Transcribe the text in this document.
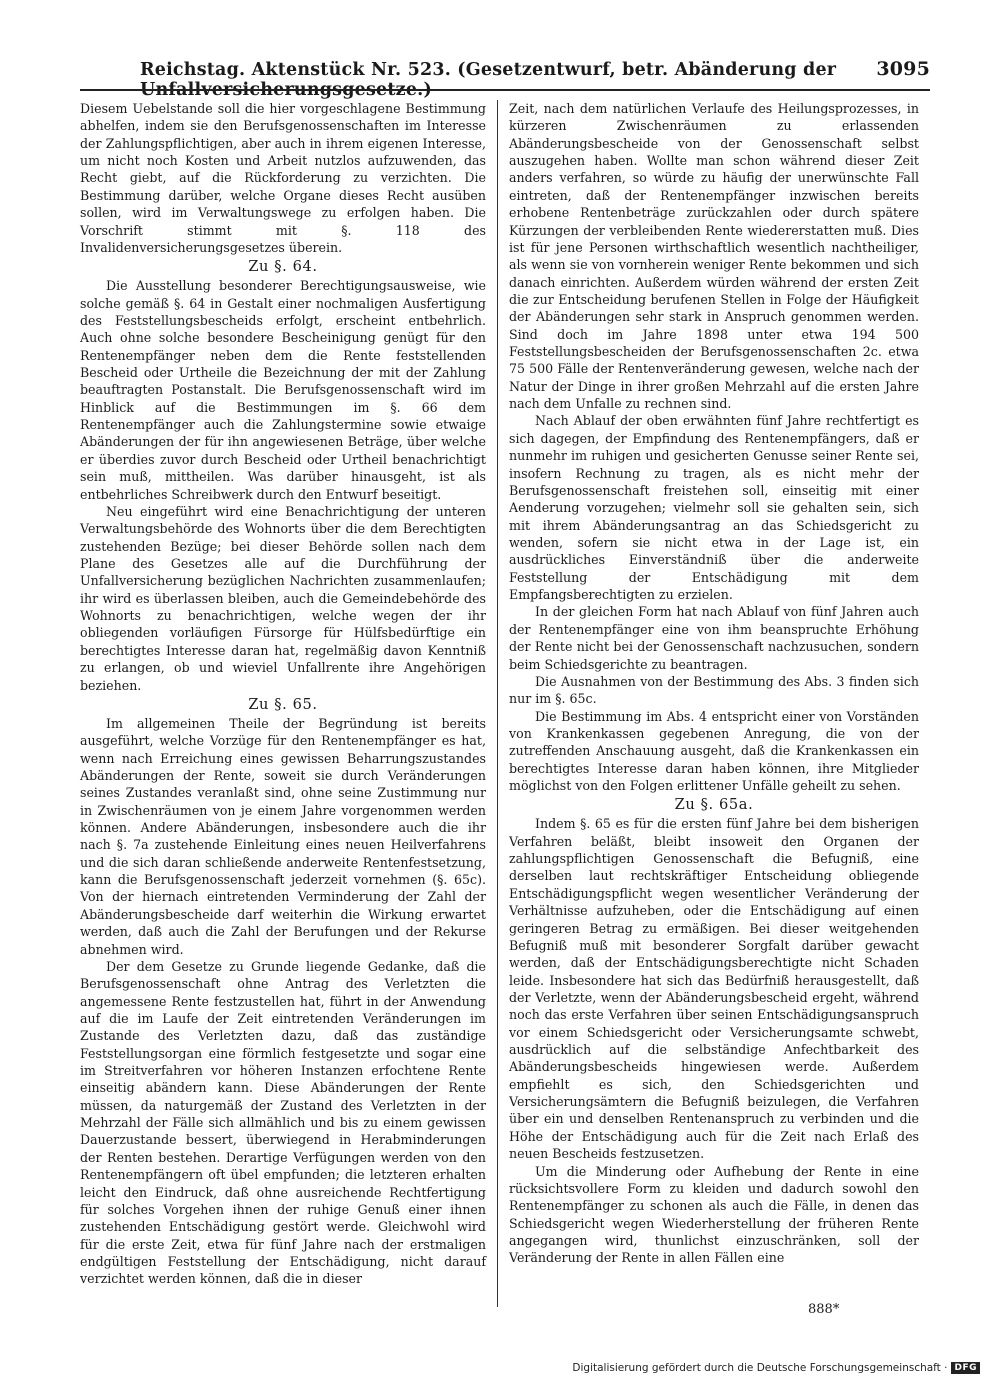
Reichstag. Aktenstück Nr. 523. (Gesetzentwurf, betr. Abänderung der Unfallversicherungsgesetze.)
3095

Diesem Uebelstande soll die hier vorgeschlagene Bestimmung abhelfen, indem sie den Berufsgenossenschaften im Interesse der Zahlungspflichtigen, aber auch in ihrem eigenen Interesse, um nicht noch Kosten und Arbeit nutzlos aufzuwenden, das Recht giebt, auf die Rückforderung zu verzichten. Die Bestimmung darüber, welche Organe dieses Recht ausüben sollen, wird im Verwaltungswege zu erfolgen haben. Die Vorschrift stimmt mit §. 118 des Invalidenversicherungsgesetzes überein.

Zu §. 64.

Die Ausstellung besonderer Berechtigungsausweise, wie solche gemäß §. 64 in Gestalt einer nochmaligen Ausfertigung des Feststellungsbescheids erfolgt, erscheint entbehrlich. Auch ohne solche besondere Bescheinigung genügt für den Rentenempfänger neben dem die Rente feststellenden Bescheid oder Urtheile die Bezeichnung der mit der Zahlung beauftragten Postanstalt. Die Berufsgenossenschaft wird im Hinblick auf die Bestimmungen im §. 66 dem Rentenempfänger auch die Zahlungstermine sowie etwaige Abänderungen der für ihn angewiesenen Beträge, über welche er überdies zuvor durch Bescheid oder Urtheil benachrichtigt sein muß, mittheilen. Was darüber hinausgeht, ist als entbehrliches Schreibwerk durch den Entwurf beseitigt.

Neu eingeführt wird eine Benachrichtigung der unteren Verwaltungsbehörde des Wohnorts über die dem Berechtigten zustehenden Bezüge; bei dieser Behörde sollen nach dem Plane des Gesetzes alle auf die Durchführung der Unfallversicherung bezüglichen Nachrichten zusammenlaufen; ihr wird es überlassen bleiben, auch die Gemeindebehörde des Wohnorts zu benachrichtigen, welche wegen der ihr obliegenden vorläufigen Fürsorge für Hülfsbedürftige ein berechtigtes Interesse daran hat, regelmäßig davon Kenntniß zu erlangen, ob und wieviel Unfallrente ihre Angehörigen beziehen.

Zu §. 65.

Im allgemeinen Theile der Begründung ist bereits ausgeführt, welche Vorzüge für den Rentenempfänger es hat, wenn nach Erreichung eines gewissen Beharrungszustandes Abänderungen der Rente, soweit sie durch Veränderungen seines Zustandes veranlaßt sind, ohne seine Zustimmung nur in Zwischenräumen von je einem Jahre vorgenommen werden können. Andere Abänderungen, insbesondere auch die ihr nach §. 7a zustehende Einleitung eines neuen Heilverfahrens und die sich daran schließende anderweite Rentenfestsetzung, kann die Berufsgenossenschaft jederzeit vornehmen (§. 65c). Von der hiernach eintretenden Verminderung der Zahl der Abänderungsbescheide darf weiterhin die Wirkung erwartet werden, daß auch die Zahl der Berufungen und der Rekurse abnehmen wird.

Der dem Gesetze zu Grunde liegende Gedanke, daß die Berufsgenossenschaft ohne Antrag des Verletzten die angemessene Rente festzustellen hat, führt in der Anwendung auf die im Laufe der Zeit eintretenden Veränderungen im Zustande des Verletzten dazu, daß das zuständige Feststellungsorgan eine förmlich festgesetzte und sogar eine im Streitverfahren vor höheren Instanzen erfochtene Rente einseitig abändern kann. Diese Abänderungen der Rente müssen, da naturgemäß der Zustand des Verletzten in der Mehrzahl der Fälle sich allmählich und bis zu einem gewissen Dauerzustande bessert, überwiegend in Herabminderungen der Renten bestehen. Derartige Verfügungen werden von den Rentenempfängern oft übel empfunden; die letzteren erhalten leicht den Eindruck, daß ohne ausreichende Rechtfertigung für solches Vorgehen ihnen der ruhige Genuß einer ihnen zustehenden Entschädigung gestört werde. Gleichwohl wird für die erste Zeit, etwa für fünf Jahre nach der erstmaligen endgültigen Feststellung der Entschädigung, nicht darauf verzichtet werden können, daß die in dieser

Zeit, nach dem natürlichen Verlaufe des Heilungsprozesses, in kürzeren Zwischenräumen zu erlassenden Abänderungsbescheide von der Genossenschaft selbst auszugehen haben. Wollte man schon während dieser Zeit anders verfahren, so würde zu häufig der unerwünschte Fall eintreten, daß der Rentenempfänger inzwischen bereits erhobene Rentenbeträge zurückzahlen oder durch spätere Kürzungen der verbleibenden Rente wiedererstatten muß. Dies ist für jene Personen wirthschaftlich wesentlich nachtheiliger, als wenn sie von vornherein weniger Rente bekommen und sich danach einrichten. Außerdem würden während der ersten Zeit die zur Entscheidung berufenen Stellen in Folge der Häufigkeit der Abänderungen sehr stark in Anspruch genommen werden. Sind doch im Jahre 1898 unter etwa 194 500 Feststellungsbescheiden der Berufsgenossenschaften 2c. etwa 75 500 Fälle der Rentenveränderung gewesen, welche nach der Natur der Dinge in ihrer großen Mehrzahl auf die ersten Jahre nach dem Unfalle zu rechnen sind.

Nach Ablauf der oben erwähnten fünf Jahre rechtfertigt es sich dagegen, der Empfindung des Rentenempfängers, daß er nunmehr im ruhigen und gesicherten Genusse seiner Rente sei, insofern Rechnung zu tragen, als es nicht mehr der Berufsgenossenschaft freistehen soll, einseitig mit einer Aenderung vorzugehen; vielmehr soll sie gehalten sein, sich mit ihrem Abänderungsantrag an das Schiedsgericht zu wenden, sofern sie nicht etwa in der Lage ist, ein ausdrückliches Einverständniß über die anderweite Feststellung der Entschädigung mit dem Empfangsberechtigten zu erzielen.

In der gleichen Form hat nach Ablauf von fünf Jahren auch der Rentenempfänger eine von ihm beanspruchte Erhöhung der Rente nicht bei der Genossenschaft nachzusuchen, sondern beim Schiedsgerichte zu beantragen.

Die Ausnahmen von der Bestimmung des Abs. 3 finden sich nur im §. 65c.

Die Bestimmung im Abs. 4 entspricht einer von Vorständen von Krankenkassen gegebenen Anregung, die von der zutreffenden Anschauung ausgeht, daß die Krankenkassen ein berechtigtes Interesse daran haben können, ihre Mitglieder möglichst von den Folgen erlittener Unfälle geheilt zu sehen.

Zu §. 65a.

Indem §. 65 es für die ersten fünf Jahre bei dem bisherigen Verfahren beläßt, bleibt insoweit den Organen der zahlungspflichtigen Genossenschaft die Befugniß, eine derselben laut rechtskräftiger Entscheidung obliegende Entschädigungspflicht wegen wesentlicher Veränderung der Verhältnisse aufzuheben, oder die Entschädigung auf einen geringeren Betrag zu ermäßigen. Bei dieser weitgehenden Befugniß muß mit besonderer Sorgfalt darüber gewacht werden, daß der Entschädigungsberechtigte nicht Schaden leide. Insbesondere hat sich das Bedürfniß herausgestellt, daß der Verletzte, wenn der Abänderungsbescheid ergeht, während noch das erste Verfahren über seinen Entschädigungsanspruch vor einem Schiedsgericht oder Versicherungsamte schwebt, ausdrücklich auf die selbständige Anfechtbarkeit des Abänderungsbescheids hingewiesen werde. Außerdem empfiehlt es sich, den Schiedsgerichten und Versicherungsämtern die Befugniß beizulegen, die Verfahren über ein und denselben Rentenanspruch zu verbinden und die Höhe der Entschädigung auch für die Zeit nach Erlaß des neuen Bescheids festzusetzen.

Um die Minderung oder Aufhebung der Rente in eine rücksichtsvollere Form zu kleiden und dadurch sowohl den Rentenempfänger zu schonen als auch die Fälle, in denen das Schiedsgericht wegen Wiederherstellung der früheren Rente angegangen wird, thunlichst einzuschränken, soll der Veränderung der Rente in allen Fällen eine

888*
Digitalisierung gefördert durch die Deutsche Forschungsgemeinschaft · DFG
